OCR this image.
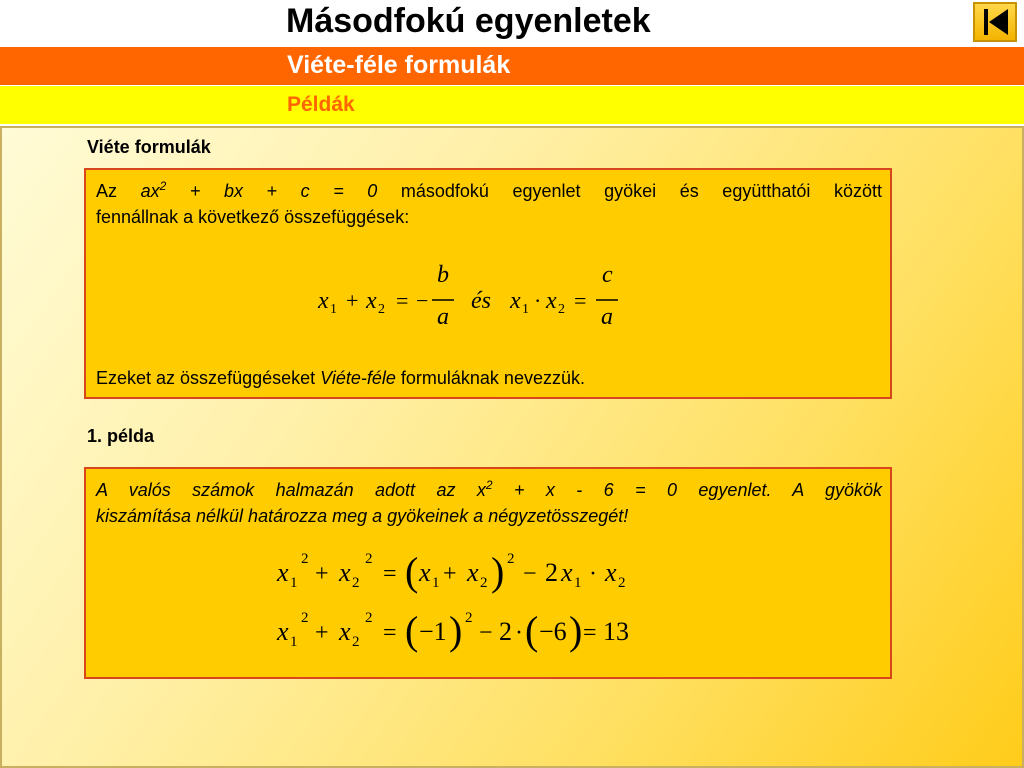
Másodfokú egyenletek
Viéte-féle formulák
Példák
Viéte formulák
Az $ax^2$ + bx + c = 0 másodfokú egyenlet gyökei és együtthatói között
fennállnak a következő összefüggések:
x 1 + x 2 = −
b
a
és x 1 · x 2 =
c
a
Ezeket az összefüggéseket Viéte-féle formuláknak nevezzük.
1. példa
A valós számok halmazán adott az $x^2 + x - 6 = 0$ egyenlet. A gyökök
kiszámítása nélkül határozza meg a gyökeinek a négyzetösszegét!
x 1
2
+ x 2
2
= ( x 1 + x 2 ) 2
− 2 x 1 · x 2
x 1
2
+ x 2
2
= ( −1 ) 2
− 2 · ( −6 ) = 13
